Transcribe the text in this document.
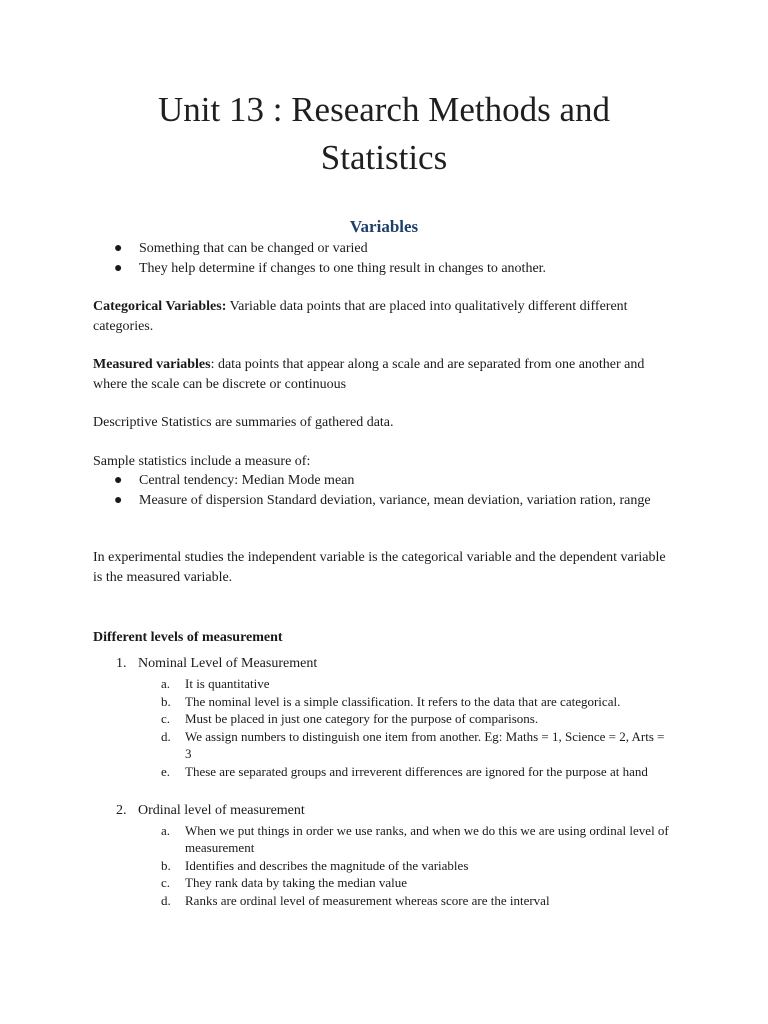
Unit 13 : Research Methods and
Statistics
Variables
● Something that can be changed or varied
● They help determine if changes to one thing result in changes to another.

Categorical Variables: Variable data points that are placed into qualitatively different different categories.

Measured variables: data points that appear along a scale and are separated from one another and where the scale can be discrete or continuous

Descriptive Statistics are summaries of gathered data.

Sample statistics include a measure of:

● Central tendency: Median Mode mean
● Measure of dispersion Standard deviation, variance, mean deviation, variation ration, range

In experimental studies the independent variable is the categorical variable and the dependent variable is the measured variable.

Different levels of measurement

1. Nominal Level of Measurement
a. It is quantitative
b. The nominal level is a simple classification. It refers to the data that are categorical.
c. Must be placed in just one category for the purpose of comparisons.
d. We assign numbers to distinguish one item from another. Eg: Maths = 1, Science = 2, Arts = 3
e. These are separated groups and irreverent differences are ignored for the purpose at hand
2. Ordinal level of measurement
a. When we put things in order we use ranks, and when we do this we are using ordinal level of measurement
b. Identifies and describes the magnitude of the variables
c. They rank data by taking the median value
d. Ranks are ordinal level of measurement whereas score are the interval
